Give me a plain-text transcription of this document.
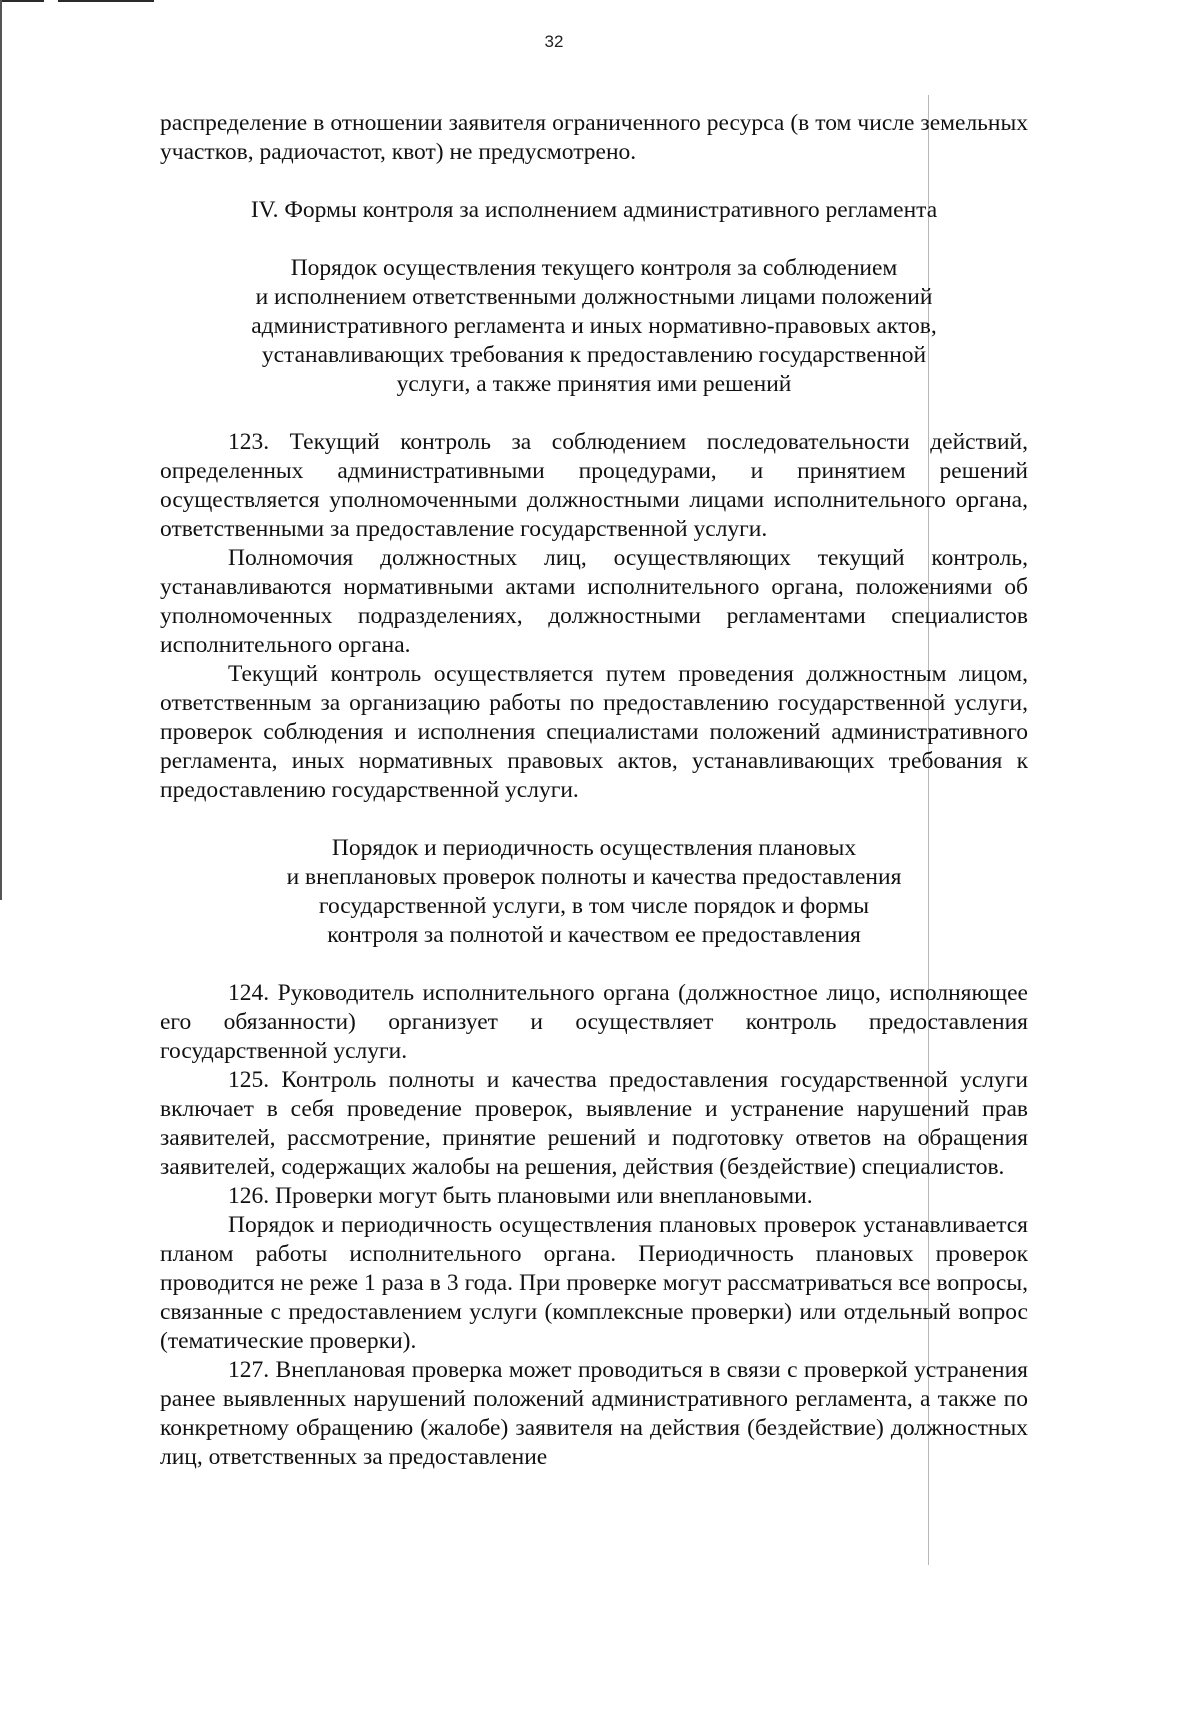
32

распределение в отношении заявителя ограниченного ресурса (в том числе земельных участков, радиочастот, квот) не предусмотрено.

IV. Формы контроля за исполнением административного регламента
Порядок осуществления текущего контроля за соблюдением
и исполнением ответственными должностными лицами положений
административного регламента и иных нормативно-правовых актов,
устанавливающих требования к предоставлению государственной
услуги, а также принятия ими решений

123. Текущий контроль за соблюдением последовательности действий, определенных административными процедурами, и принятием решений осуществляется уполномоченными должностными лицами исполнительного органа, ответственными за предоставление государственной услуги.

Полномочия должностных лиц, осуществляющих текущий контроль, устанавливаются нормативными актами исполнительного органа, положениями об уполномоченных подразделениях, должностными регламентами специалистов исполнительного органа.

Текущий контроль осуществляется путем проведения должностным лицом, ответственным за организацию работы по предоставлению государственной услуги, проверок соблюдения и исполнения специалистами положений административного регламента, иных нормативных правовых актов, устанавливающих требования к предоставлению государственной услуги.

Порядок и периодичность осуществления плановых
и внеплановых проверок полноты и качества предоставления
государственной услуги, в том числе порядок и формы
контроля за полнотой и качеством ее предоставления

124. Руководитель исполнительного органа (должностное лицо, исполняющее его обязанности) организует и осуществляет контроль предоставления государственной услуги.

125. Контроль полноты и качества предоставления государственной услуги включает в себя проведение проверок, выявление и устранение нарушений прав заявителей, рассмотрение, принятие решений и подготовку ответов на обращения заявителей, содержащих жалобы на решения, действия (бездействие) специалистов.

126. Проверки могут быть плановыми или внеплановыми.

Порядок и периодичность осуществления плановых проверок устанавливается планом работы исполнительного органа. Периодичность плановых проверок проводится не реже 1 раза в 3 года. При проверке могут рассматриваться все вопросы, связанные с предоставлением услуги (комплексные проверки) или отдельный вопрос (тематические проверки).

127. Внеплановая проверка может проводиться в связи с проверкой устранения ранее выявленных нарушений положений административного регламента, а также по конкретному обращению (жалобе) заявителя на действия (бездействие) должностных лиц, ответственных за предоставление
